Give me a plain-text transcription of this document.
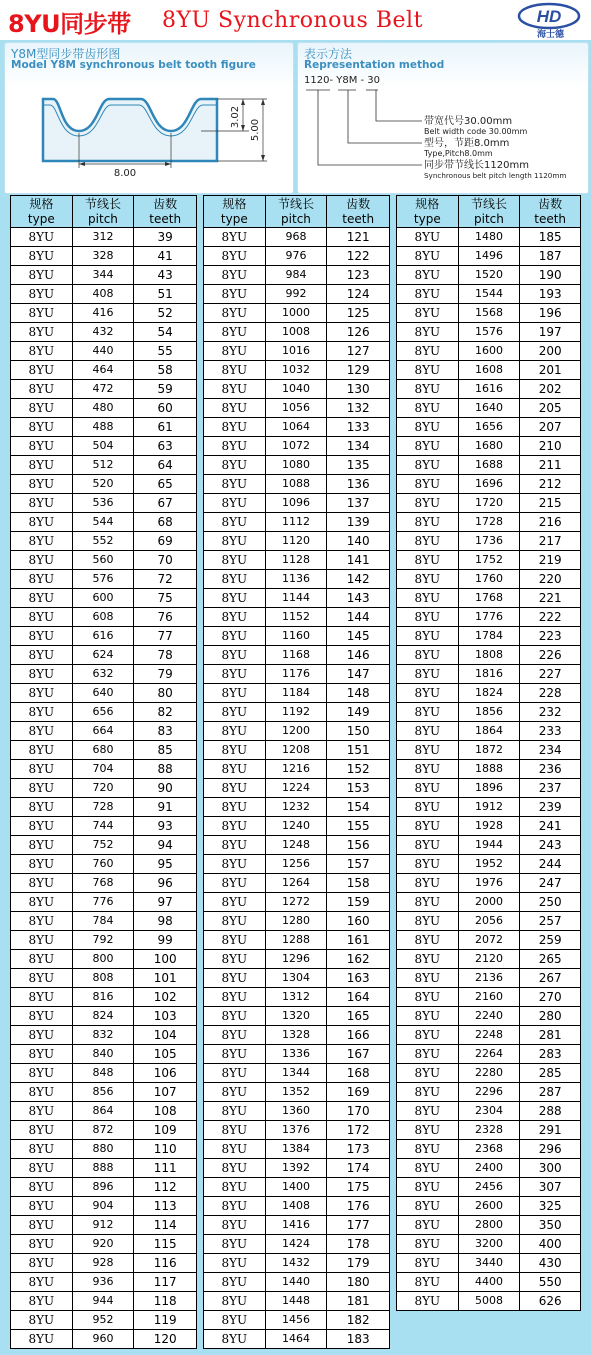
8YU同步带 8YU Synchronous Belt	HD
海士德
Y8M型同步带齿形图
Model Y8M synchronous belt tooth figure
8.00
3.02
5.00
表示方法
Representation method
1120- Y8M - 30
带宽代号30.00mm
Belt width code 30.00mm
型号，节距8.0mm
Type,Pitch8.0mm
同步带节线长1120mm
Synchronous belt pitch length 1120mm
规格
type	节线长
pitch	齿数
teeth

8YU	312	39
8YU	328	41
8YU	344	43
8YU	408	51
8YU	416	52
8YU	432	54
8YU	440	55
8YU	464	58
8YU	472	59
8YU	480	60
8YU	488	61
8YU	504	63
8YU	512	64
8YU	520	65
8YU	536	67
8YU	544	68
8YU	552	69
8YU	560	70
8YU	576	72
8YU	600	75
8YU	608	76
8YU	616	77
8YU	624	78
8YU	632	79
8YU	640	80
8YU	656	82
8YU	664	83
8YU	680	85
8YU	704	88
8YU	720	90
8YU	728	91
8YU	744	93
8YU	752	94
8YU	760	95
8YU	768	96
8YU	776	97
8YU	784	98
8YU	792	99
8YU	800	100
8YU	808	101
8YU	816	102
8YU	824	103
8YU	832	104
8YU	840	105
8YU	848	106
8YU	856	107
8YU	864	108
8YU	872	109
8YU	880	110
8YU	888	111
8YU	896	112
8YU	904	113
8YU	912	114
8YU	920	115
8YU	928	116
8YU	936	117
8YU	944	118
8YU	952	119
8YU	960	120
规格
type	节线长
pitch	齿数
teeth

8YU	968	121
8YU	976	122
8YU	984	123
8YU	992	124
8YU	1000	125
8YU	1008	126
8YU	1016	127
8YU	1032	129
8YU	1040	130
8YU	1056	132
8YU	1064	133
8YU	1072	134
8YU	1080	135
8YU	1088	136
8YU	1096	137
8YU	1112	139
8YU	1120	140
8YU	1128	141
8YU	1136	142
8YU	1144	143
8YU	1152	144
8YU	1160	145
8YU	1168	146
8YU	1176	147
8YU	1184	148
8YU	1192	149
8YU	1200	150
8YU	1208	151
8YU	1216	152
8YU	1224	153
8YU	1232	154
8YU	1240	155
8YU	1248	156
8YU	1256	157
8YU	1264	158
8YU	1272	159
8YU	1280	160
8YU	1288	161
8YU	1296	162
8YU	1304	163
8YU	1312	164
8YU	1320	165
8YU	1328	166
8YU	1336	167
8YU	1344	168
8YU	1352	169
8YU	1360	170
8YU	1376	172
8YU	1384	173
8YU	1392	174
8YU	1400	175
8YU	1408	176
8YU	1416	177
8YU	1424	178
8YU	1432	179
8YU	1440	180
8YU	1448	181
8YU	1456	182
8YU	1464	183
规格
type	节线长
pitch	齿数
teeth

8YU	1480	185
8YU	1496	187
8YU	1520	190
8YU	1544	193
8YU	1568	196
8YU	1576	197
8YU	1600	200
8YU	1608	201
8YU	1616	202
8YU	1640	205
8YU	1656	207
8YU	1680	210
8YU	1688	211
8YU	1696	212
8YU	1720	215
8YU	1728	216
8YU	1736	217
8YU	1752	219
8YU	1760	220
8YU	1768	221
8YU	1776	222
8YU	1784	223
8YU	1808	226
8YU	1816	227
8YU	1824	228
8YU	1856	232
8YU	1864	233
8YU	1872	234
8YU	1888	236
8YU	1896	237
8YU	1912	239
8YU	1928	241
8YU	1944	243
8YU	1952	244
8YU	1976	247
8YU	2000	250
8YU	2056	257
8YU	2072	259
8YU	2120	265
8YU	2136	267
8YU	2160	270
8YU	2240	280
8YU	2248	281
8YU	2264	283
8YU	2280	285
8YU	2296	287
8YU	2304	288
8YU	2328	291
8YU	2368	296
8YU	2400	300
8YU	2456	307
8YU	2600	325
8YU	2800	350
8YU	3200	400
8YU	3440	430
8YU	4400	550
8YU	5008	626
